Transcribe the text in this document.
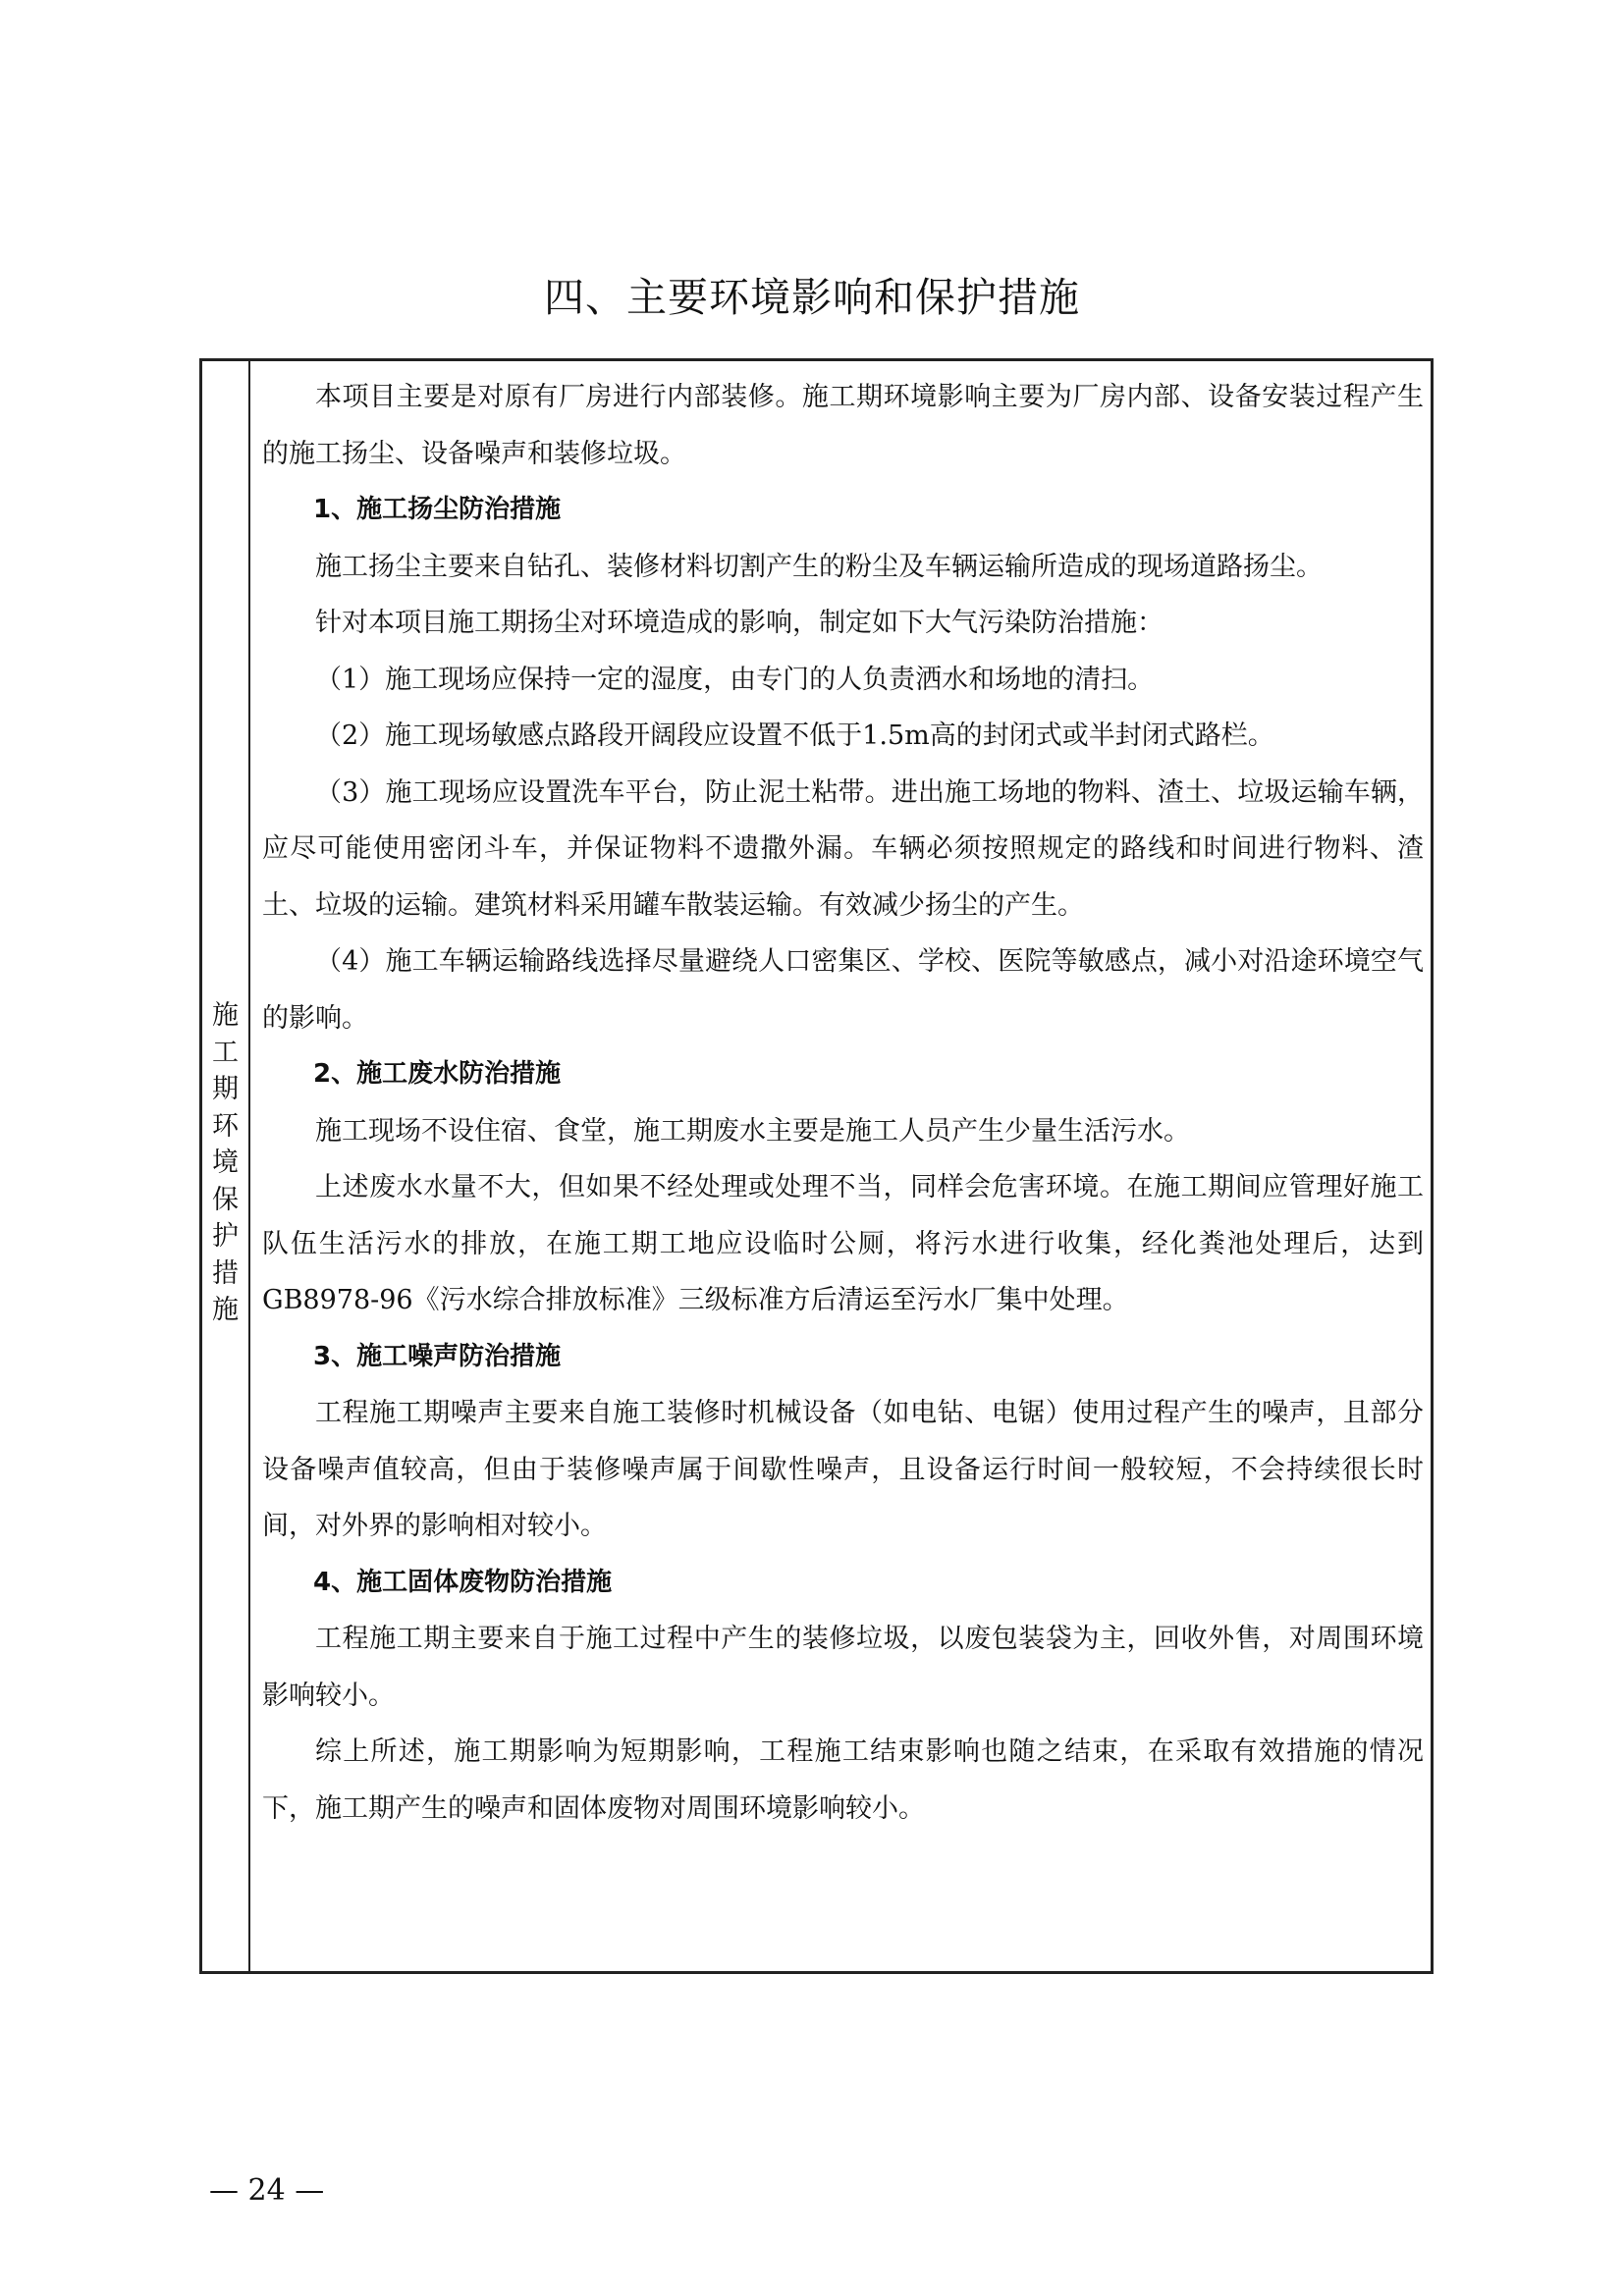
四、主要环境影响和保护措施
施
工
期
环
境
保
护
措
施

本项目主要是对原有厂房进行内部装修。施工期环境影响主要为厂房内部、设备安装过程产生的施工扬尘、设备噪声和装修垃圾。

1、施工扬尘防治措施

施工扬尘主要来自钻孔、装修材料切割产生的粉尘及车辆运输所造成的现场道路扬尘。

针对本项目施工期扬尘对环境造成的影响，制定如下大气污染防治措施：

（1）施工现场应保持一定的湿度，由专门的人负责洒水和场地的清扫。

（2）施工现场敏感点路段开阔段应设置不低于1.5m高的封闭式或半封闭式路栏。

（3）施工现场应设置洗车平台，防止泥土粘带。进出施工场地的物料、渣土、垃圾运输车辆，应尽可能使用密闭斗车，并保证物料不遗撒外漏。车辆必须按照规定的路线和时间进行物料、渣土、垃圾的运输。建筑材料采用罐车散装运输。有效减少扬尘的产生。

（4）施工车辆运输路线选择尽量避绕人口密集区、学校、医院等敏感点，减小对沿途环境空气的影响。

2、施工废水防治措施

施工现场不设住宿、食堂，施工期废水主要是施工人员产生少量生活污水。

上述废水水量不大，但如果不经处理或处理不当，同样会危害环境。在施工期间应管理好施工队伍生活污水的排放，在施工期工地应设临时公厕，将污水进行收集，经化粪池处理后，达到GB8978-96《污水综合排放标准》三级标准方后清运至污水厂集中处理。

3、施工噪声防治措施

工程施工期噪声主要来自施工装修时机械设备（如电钻、电锯）使用过程产生的噪声，且部分设备噪声值较高，但由于装修噪声属于间歇性噪声，且设备运行时间一般较短，不会持续很长时间，对外界的影响相对较小。

4、施工固体废物防治措施

工程施工期主要来自于施工过程中产生的装修垃圾，以废包装袋为主，回收外售，对周围环境影响较小。

综上所述，施工期影响为短期影响，工程施工结束影响也随之结束，在采取有效措施的情况下，施工期产生的噪声和固体废物对周围环境影响较小。

— 24 —
